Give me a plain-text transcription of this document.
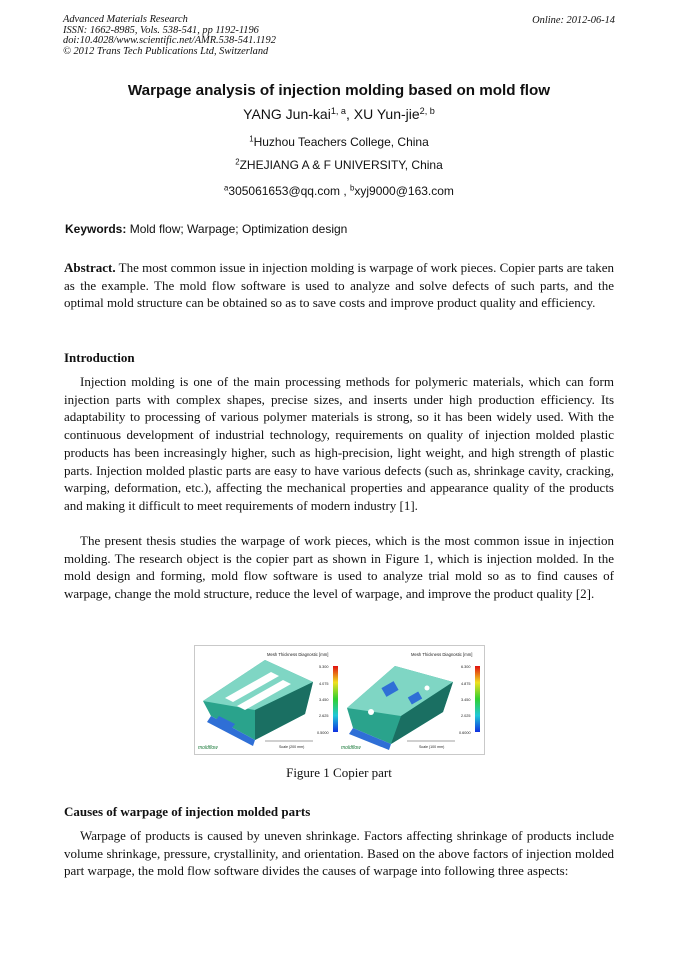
Advanced Materials Research
ISSN: 1662-8985, Vols. 538-541, pp 1192-1196
doi:10.4028/www.scientific.net/AMR.538-541.1192
© 2012 Trans Tech Publications Ltd, Switzerland
Online: 2012-06-14
Warpage analysis of injection molding based on mold flow
YANG Jun-kai$^{1, a}$, XU Yun-jie$^{2, b}$
$^1$Huzhou Teachers College, China
$^2$ZHEJIANG A & F UNIVERSITY, China
$^a$305061653@qq.com , $^b$xyj9000@163.com
Keywords: Mold flow; Warpage; Optimization design
Abstract. The most common issue in injection molding is warpage of work pieces. Copier parts are taken as the example. The mold flow software is used to analyze and solve defects of such parts, and the optimal mold structure can be obtained so as to save costs and improve product quality and efficiency.
Introduction
Injection molding is one of the main processing methods for polymeric materials, which can form injection parts with complex shapes, precise sizes, and inserts under high production efficiency. Its adaptability to processing of various polymer materials is strong, so it has been widely used. With the continuous development of industrial technology, requirements on quality of injection molded plastic products has been increasingly higher, such as high-precision, light weight, and high strength of plastic parts. Injection molded plastic parts are easy to have various defects (such as, shrinkage cavity, cracking, warping, deformation, etc.), affecting the mechanical properties and appearance quality of the products and making it difficult to meet requirements of modern industry [1].
The present thesis studies the warpage of work pieces, which is the most common issue in injection molding. The research object is the copier part as shown in Figure 1, which is injection molded. In the mold design and forming, mold flow software is used to analyze trial mold so as to find causes of warpage, change the mold structure, reduce the level of warpage, and improve the product quality [2].
Mesh Thickness Diagnostic [mm]
5.300
4.075
3.450
2.625
0.5000
Scale (200 mm)
moldflow
Mesh Thickness Diagnostic [mm]
6.300
4.875
3.450
2.025
0.6000
Scale (100 mm)
moldflow
Figure 1 Copier part
Causes of warpage of injection molded parts
Warpage of products is caused by uneven shrinkage. Factors affecting shrinkage of products include volume shrinkage, pressure, crystallinity, and orientation. Based on the above factors of injection molded part warpage, the mold flow software divides the causes of warpage into following three aspects:
